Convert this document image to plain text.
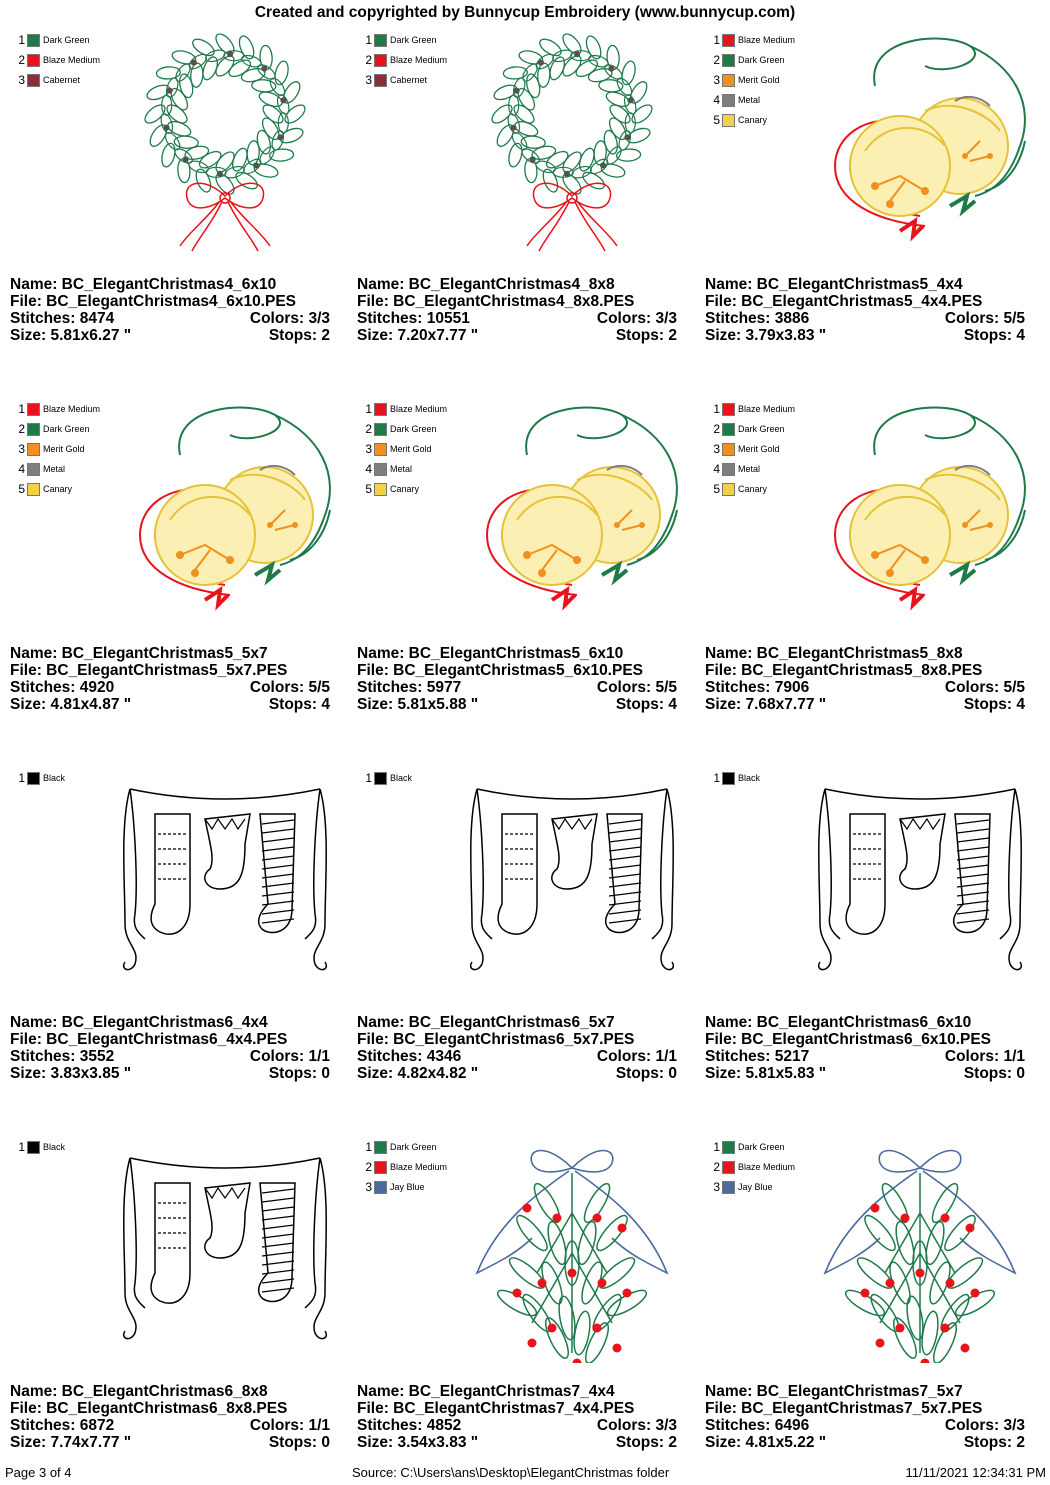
Created and copyrighted by Bunnycup Embroidery (www.bunnycup.com)
1 Dark Green
2 Blaze Medium
3 Cabernet
Name: BC_ElegantChristmas4_6x10
File: BC_ElegantChristmas4_6x10.PES
Stitches: 8474	Colors: 3/3
Size: 5.81x6.27 "	Stops: 2
1 Dark Green
2 Blaze Medium
3 Cabernet
Name: BC_ElegantChristmas4_8x8
File: BC_ElegantChristmas4_8x8.PES
Stitches: 10551	Colors: 3/3
Size: 7.20x7.77 "	Stops: 2
1 Blaze Medium
2 Dark Green
3 Merit Gold
4 Metal
5 Canary
Name: BC_ElegantChristmas5_4x4
File: BC_ElegantChristmas5_4x4.PES
Stitches: 3886	Colors: 5/5
Size: 3.79x3.83 "	Stops: 4
1 Blaze Medium
2 Dark Green
3 Merit Gold
4 Metal
5 Canary
Name: BC_ElegantChristmas5_5x7
File: BC_ElegantChristmas5_5x7.PES
Stitches: 4920	Colors: 5/5
Size: 4.81x4.87 "	Stops: 4
1 Blaze Medium
2 Dark Green
3 Merit Gold
4 Metal
5 Canary
Name: BC_ElegantChristmas5_6x10
File: BC_ElegantChristmas5_6x10.PES
Stitches: 5977	Colors: 5/5
Size: 5.81x5.88 "	Stops: 4
1 Blaze Medium
2 Dark Green
3 Merit Gold
4 Metal
5 Canary
Name: BC_ElegantChristmas5_8x8
File: BC_ElegantChristmas5_8x8.PES
Stitches: 7906	Colors: 5/5
Size: 7.68x7.77 "	Stops: 4
1 Black
Name: BC_ElegantChristmas6_4x4
File: BC_ElegantChristmas6_4x4.PES
Stitches: 3552	Colors: 1/1
Size: 3.83x3.85 "	Stops: 0
1 Black
Name: BC_ElegantChristmas6_5x7
File: BC_ElegantChristmas6_5x7.PES
Stitches: 4346	Colors: 1/1
Size: 4.82x4.82 "	Stops: 0
1 Black
Name: BC_ElegantChristmas6_6x10
File: BC_ElegantChristmas6_6x10.PES
Stitches: 5217	Colors: 1/1
Size: 5.81x5.83 "	Stops: 0
1 Black
Name: BC_ElegantChristmas6_8x8
File: BC_ElegantChristmas6_8x8.PES
Stitches: 6872	Colors: 1/1
Size: 7.74x7.77 "	Stops: 0
1 Dark Green
2 Blaze Medium
3 Jay Blue
Name: BC_ElegantChristmas7_4x4
File: BC_ElegantChristmas7_4x4.PES
Stitches: 4852	Colors: 3/3
Size: 3.54x3.83 "	Stops: 2
1 Dark Green
2 Blaze Medium
3 Jay Blue
Name: BC_ElegantChristmas7_5x7
File: BC_ElegantChristmas7_5x7.PES
Stitches: 6496	Colors: 3/3
Size: 4.81x5.22 "	Stops: 2
Page 3 of 4	Source: C:\Users\ans\Desktop\ElegantChristmas folder	11/11/2021 12:34:31 PM
